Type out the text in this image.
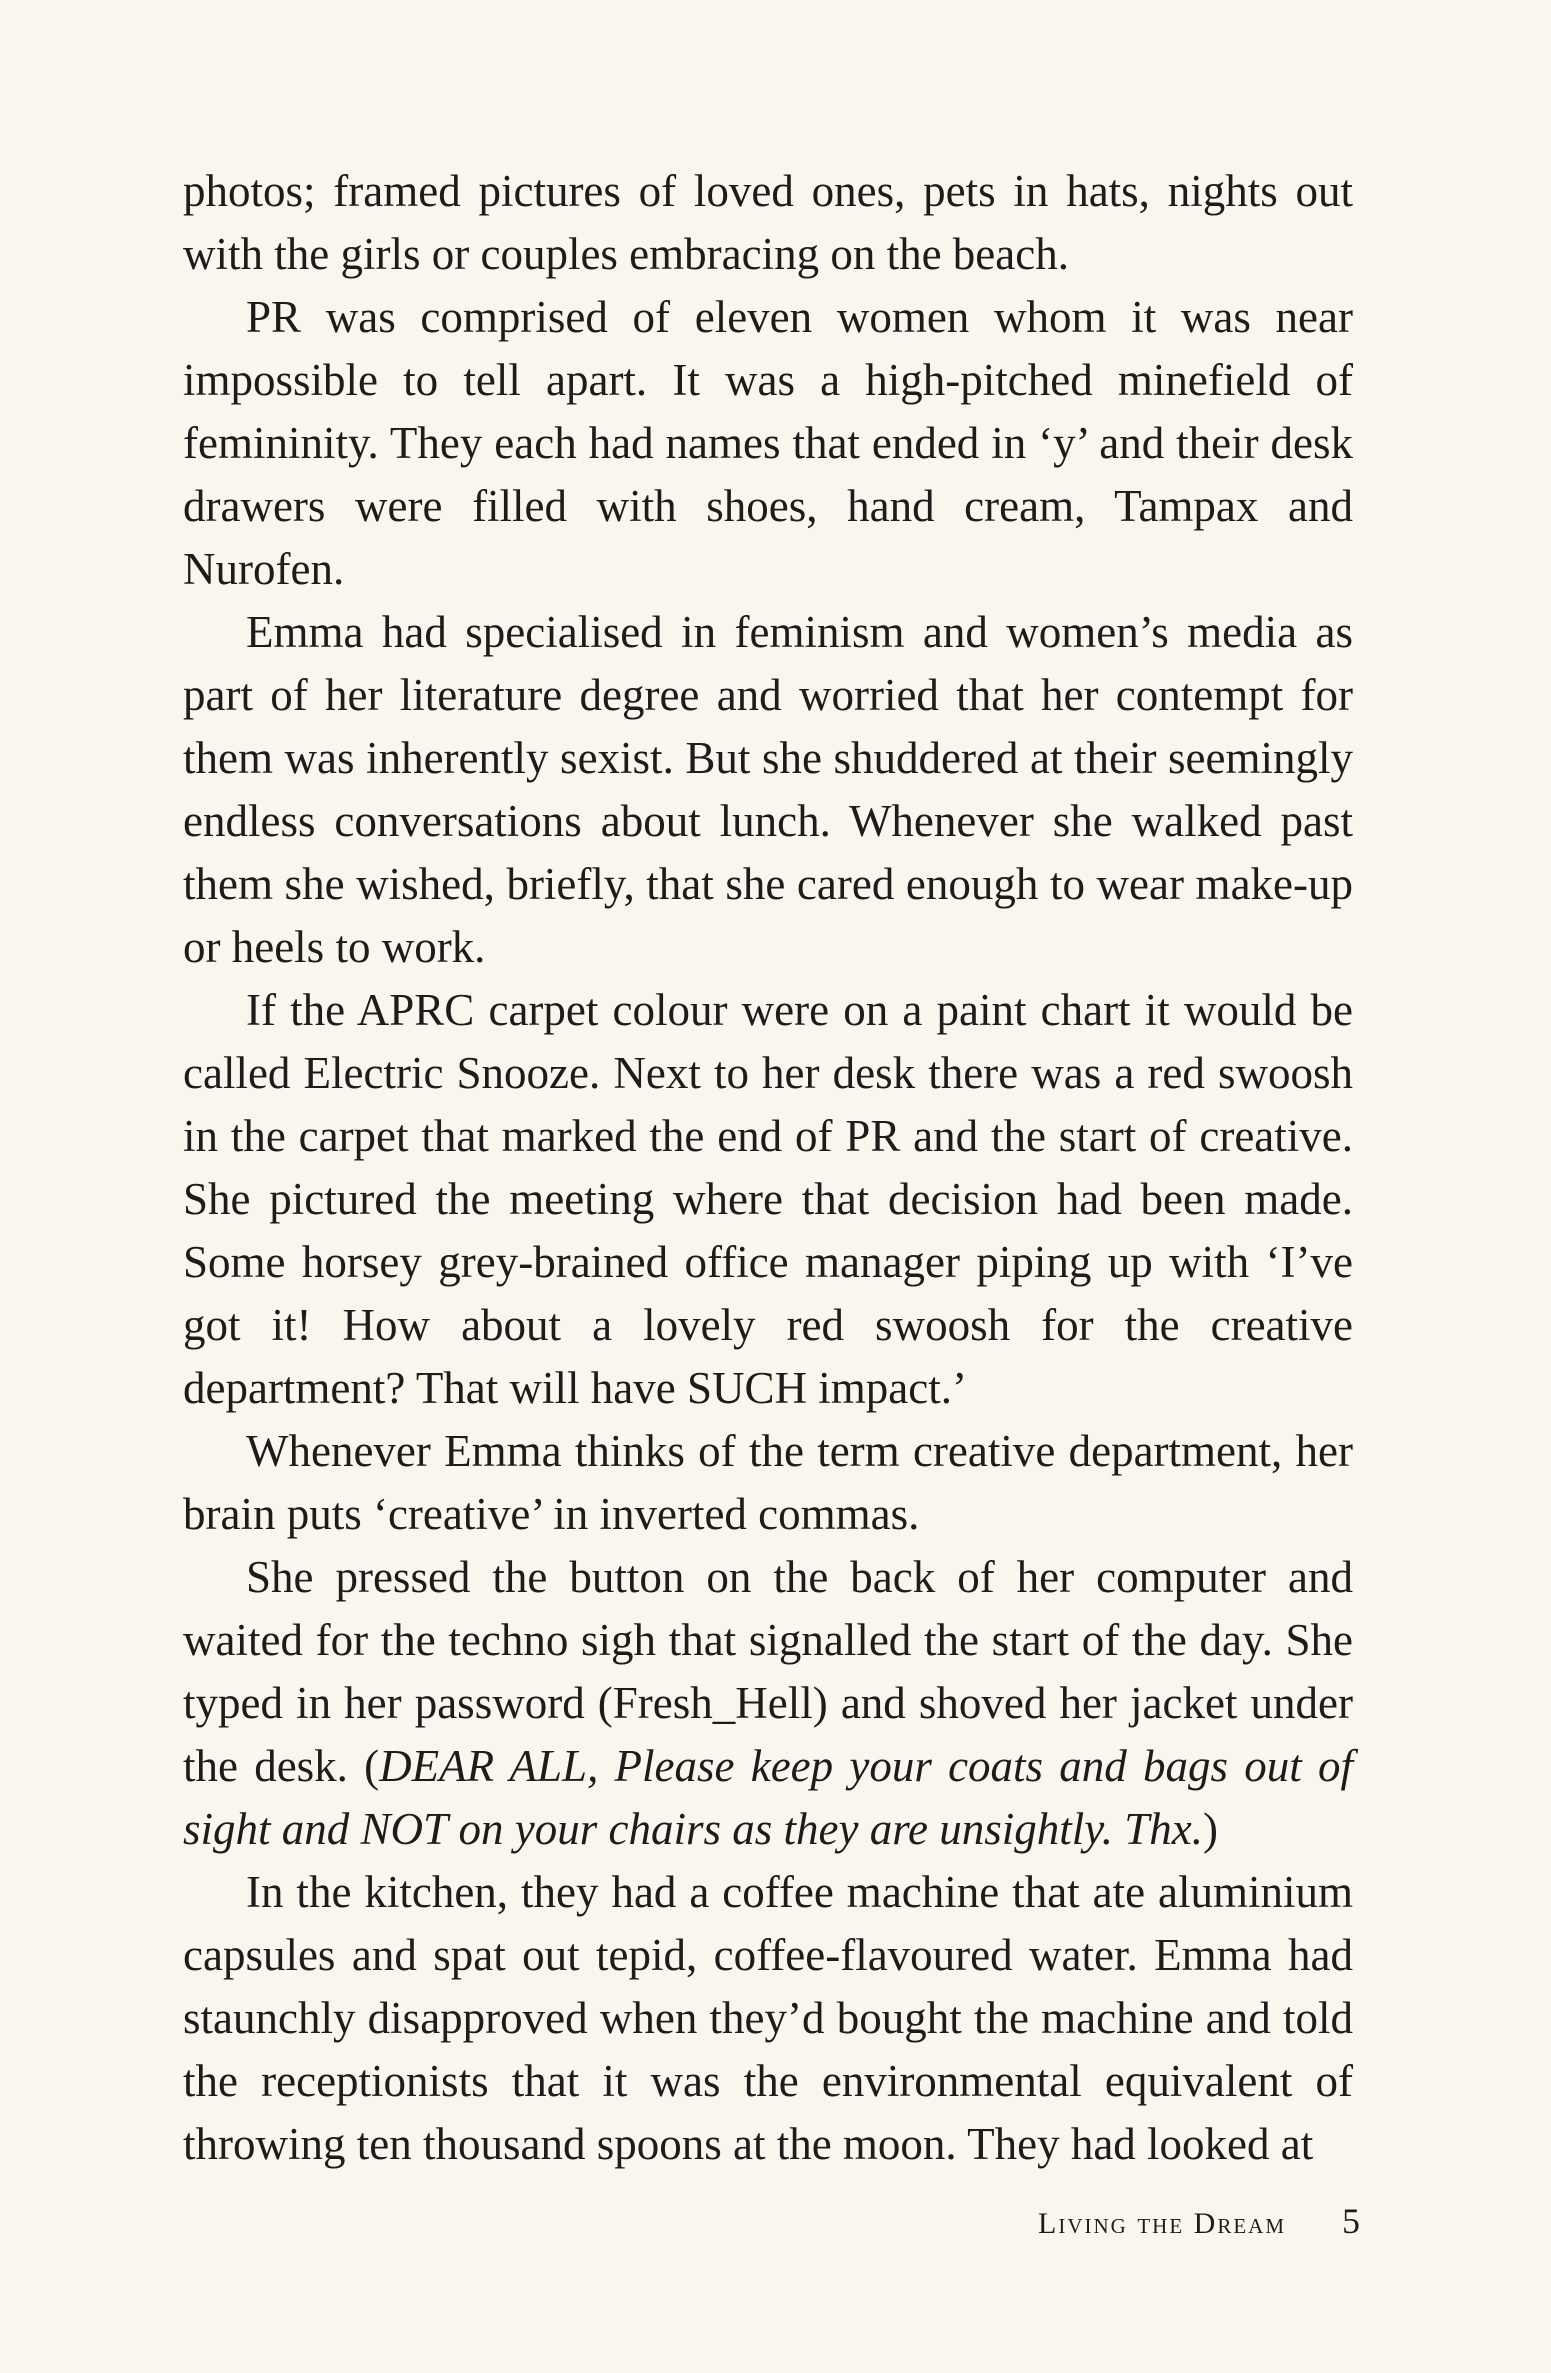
photos; framed pictures of loved ones, pets in hats, nights out with the girls or couples embracing on the beach.

PR was comprised of eleven women whom it was near impossible to tell apart. It was a high-pitched minefield of femininity. They each had names that ended in ‘y’ and their desk drawers were filled with shoes, hand cream, Tampax and Nurofen.

Emma had specialised in feminism and women’s media as part of her literature degree and worried that her contempt for them was inherently sexist. But she shuddered at their seemingly endless conversations about lunch. Whenever she walked past them she wished, briefly, that she cared enough to wear make-up or heels to work.

If the APRC carpet colour were on a paint chart it would be called Electric Snooze. Next to her desk there was a red swoosh in the carpet that marked the end of PR and the start of creative. She pictured the meeting where that decision had been made. Some horsey grey-brained office manager piping up with ‘I’ve got it! How about a lovely red swoosh for the creative department? That will have SUCH impact.’

Whenever Emma thinks of the term creative department, her brain puts ‘creative’ in inverted commas.

She pressed the button on the back of her computer and waited for the techno sigh that signalled the start of the day. She typed in her password (Fresh_Hell) and shoved her jacket under the desk. (DEAR ALL, Please keep your coats and bags out of sight and NOT on your chairs as they are unsightly. Thx.)

In the kitchen, they had a coffee machine that ate aluminium capsules and spat out tepid, coffee-flavoured water. Emma had staunchly disapproved when they’d bought the machine and told the receptionists that it was the environmental equivalent of throwing ten thousand spoons at the moon. They had looked at

Living the Dream 5
